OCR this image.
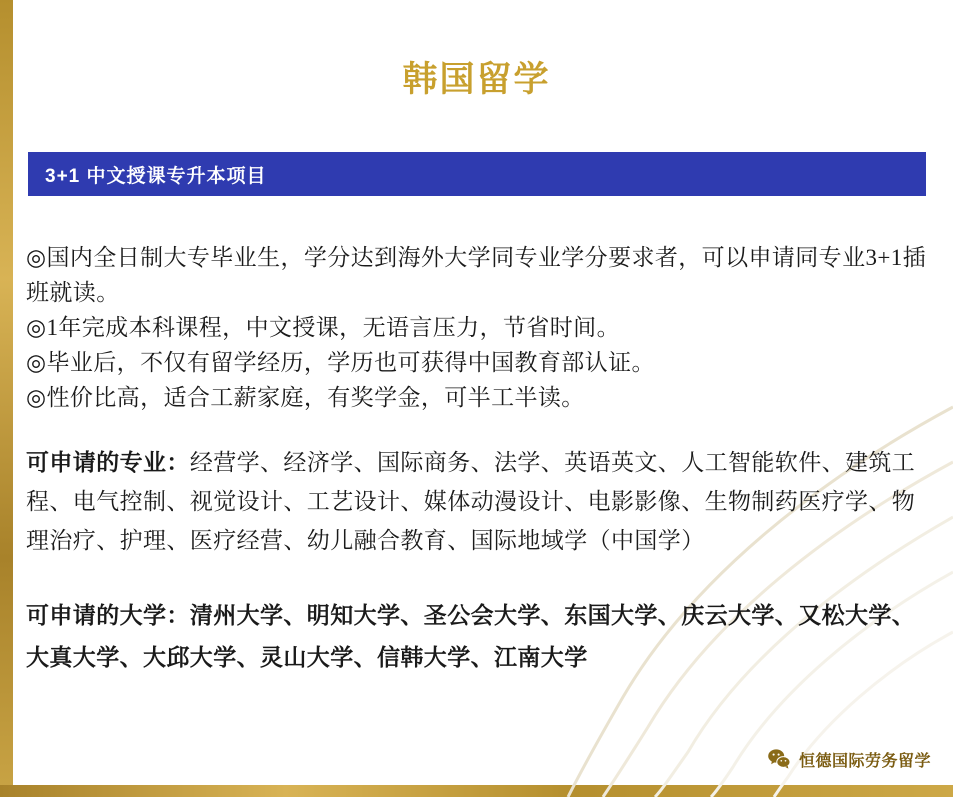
韩国留学
3+1 中文授课专升本项目
◎国内全日制大专毕业生，学分达到海外大学同专业学分要求者，可以申请同专业3+1插班就读。
◎1年完成本科课程，中文授课，无语言压力，节省时间。
◎毕业后，不仅有留学经历，学历也可获得中国教育部认证。
◎性价比高，适合工薪家庭，有奖学金，可半工半读。
可申请的专业：经营学、经济学、国际商务、法学、英语英文、人工智能软件、建筑工程、电气控制、视觉设计、工艺设计、媒体动漫设计、电影影像、生物制药医疗学、物理治疗、护理、医疗经营、幼儿融合教育、国际地域学（中国学）
可申请的大学：清州大学、明知大学、圣公会大学、东国大学、庆云大学、又松大学、大真大学、大邱大学、灵山大学、信韩大学、江南大学
恒德国际劳务留学
